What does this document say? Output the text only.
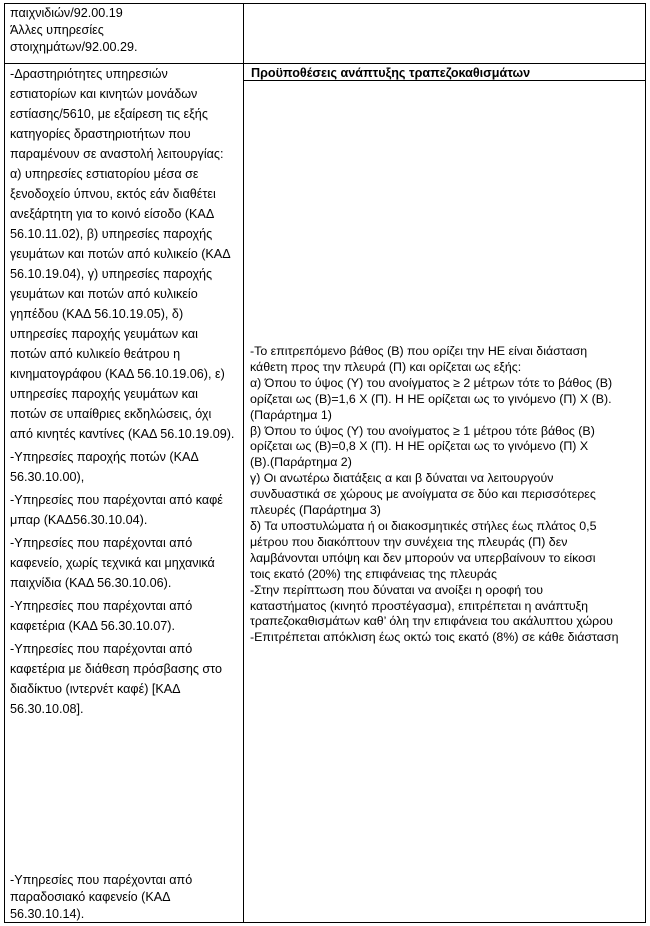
παιχνιδιών/92.00.19

Άλλες υπηρεσίες

στοιχημάτων/92.00.29.

-Δραστηριότητες υπηρεσιών

εστιατορίων και κινητών μονάδων

εστίασης/5610, με εξαίρεση τις εξής

κατηγορίες δραστηριοτήτων που

παραμένουν σε αναστολή λειτουργίας:

α) υπηρεσίες εστιατορίου μέσα σε

ξενοδοχείο ύπνου, εκτός εάν διαθέτει

ανεξάρτητη για το κοινό είσοδο (ΚΑΔ

56.10.11.02), β) υπηρεσίες παροχής

γευμάτων και ποτών από κυλικείο (ΚΑΔ

56.10.19.04), γ) υπηρεσίες παροχής

γευμάτων και ποτών από κυλικείο

γηπέδου (ΚΑΔ 56.10.19.05), δ)

υπηρεσίες παροχής γευμάτων και

ποτών από κυλικείο θεάτρου η

κινηματογράφου (ΚΑΔ 56.10.19.06), ε)

υπηρεσίες παροχής γευμάτων και

ποτών σε υπαίθριες εκδηλώσεις, όχι

από κινητές καντίνες (ΚΑΔ 56.10.19.09).

-Υπηρεσίες παροχής ποτών (ΚΑΔ

56.30.10.00),

-Υπηρεσίες που παρέχονται από καφέ

μπαρ (ΚΑΔ56.30.10.04).

-Υπηρεσίες που παρέχονται από

καφενείο, χωρίς τεχνικά και μηχανικά

παιχνίδια (ΚΑΔ 56.30.10.06).

-Υπηρεσίες που παρέχονται από

καφετέρια (ΚΑΔ 56.30.10.07).

-Υπηρεσίες που παρέχονται από

καφετέρια με διάθεση πρόσβασης στο

διαδίκτυο (ιντερνέτ καφέ) [ΚΑΔ

56.30.10.08].

-Υπηρεσίες που παρέχονται από

παραδοσιακό καφενείο (ΚΑΔ

56.30.10.14).

Προϋποθέσεις ανάπτυξης τραπεζοκαθισμάτων

-Το επιτρεπόμενο βάθος (Β) που ορίζει την ΗΕ είναι διάσταση

κάθετη προς την πλευρά (Π) και ορίζεται ως εξής:

α) Όπου το ύψος (Υ) του ανοίγματος ≥ 2 μέτρων τότε το βάθος (Β)

ορίζεται ως (Β)=1,6 Χ (Π). Η ΗΕ ορίζεται ως το γινόμενο (Π) Χ (Β).

(Παράρτημα 1)

β) Όπου το ύψος (Υ) του ανοίγματος ≥ 1 μέτρου τότε βάθος (Β)

ορίζεται ως (Β)=0,8 Χ (Π). Η ΗΕ ορίζεται ως το γινόμενο (Π) Χ

(Β).(Παράρτημα 2)

γ) Οι ανωτέρω διατάξεις α και β δύναται να λειτουργούν

συνδυαστικά σε χώρους με ανοίγματα σε δύο και περισσότερες

πλευρές (Παράρτημα 3)

δ) Τα υποστυλώματα ή οι διακοσμητικές στήλες έως πλάτος 0,5

μέτρου που διακόπτουν την συνέχεια της πλευράς (Π) δεν

λαμβάνονται υπόψη και δεν μπορούν να υπερβαίνουν το είκοσι

τοις εκατό (20%) της επιφάνειας της πλευράς

-Στην περίπτωση που δύναται να ανοίξει η οροφή του

καταστήματος (κινητό προστέγασμα), επιτρέπεται η ανάπτυξη

τραπεζοκαθισμάτων καθ’ όλη την επιφάνεια του ακάλυπτου χώρου

-Επιτρέπεται απόκλιση έως οκτώ τοις εκατό (8%) σε κάθε διάσταση
